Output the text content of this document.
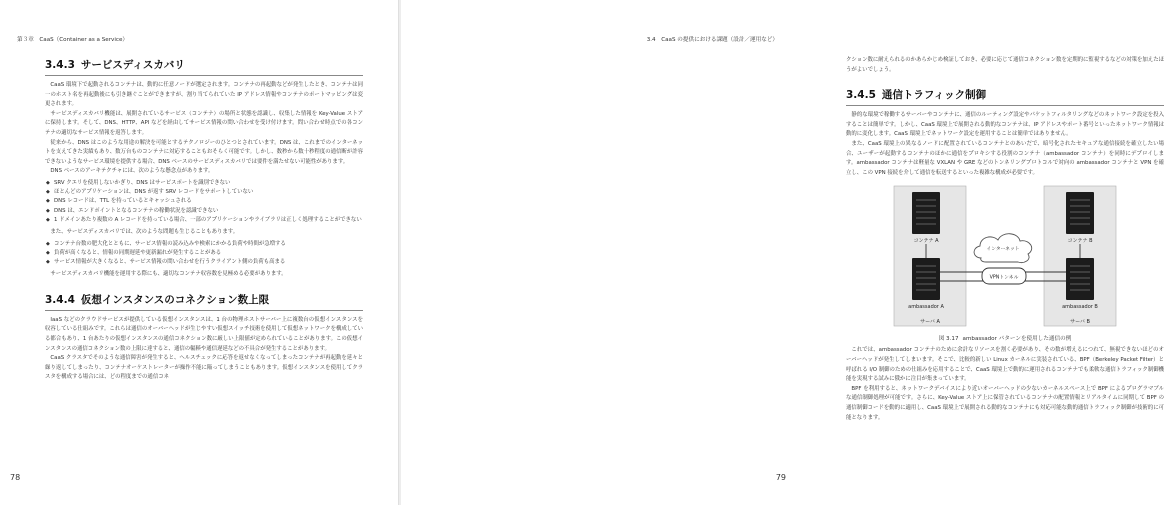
第３章　CaaS（Container as a Service）
3.4.3 サービスディスカバリ

CaaS 環境下で起動されるコンテナは、動的に任意ノードが選定されます。コンテナの再起動などが発生したとき、コンテナは同一のホスト名を再起動後にも引き継ぐことができますが、割り当てられていた IP アドレス情報やコンテナのポートマッピングは変更されます。

サービスディスカバリ機能は、展開されているサービス（コンテナ）の場所と状態を認識し、収集した情報を Key-Value ストアに保持します。そして、DNS、HTTP、API などを経由してサービス情報の問い合わせを受け付けます。問い合わせ時点での各コンテナの適切なサービス情報を返答します。

従来から、DNS はこのような用途の解決を可能とするテクノロジーのひとつとされています。DNS は、これまでのインターネットを支えてきた実績もあり、数万台ものコンテナに対応することもおそらく可能です。しかし、数秒から数十秒程度の通信断が許容できないようなサービス環境を提供する場合、DNS ベースのサービスディスカバリでは要件を満たせない可能性があります。

DNS ベースのアーキテクチャには、次のような懸念点があります。

◆ SRV クエリを使用しないかぎり、DNS はサービスポートを識別できない
◆ ほとんどのアプリケーションは、DNS が返す SRV レコードをサポートしていない
◆ DNS レコードは、TTL を持っているとキャッシュされる
◆ DNS は、エンドポイントとなるコンテナの稼働状況を認識できない
◆ 1 ドメインあたり複数の A レコードを持っている場合、一部のアプリケーションやライブラリは正しく処理することができない

また、サービスディスカバリでは、次のような問題も生じることもあります。

◆ コンテナ台数の肥大化とともに、サービス情報の読み込みや検索にかかる負荷や時間が急増する
◆ 負荷が高くなると、情報の同期遅延や更新漏れが発生することがある
◆ サービス情報が大きくなると、サービス情報の問い合わせを行うクライアント側の負荷も高まる

サービスディスカバリ機能を運用する際にも、適切なコンテナ収容数を見極める必要があります。

3.4.4 仮想インスタンスのコネクション数上限

IaaS などのクラウドサービスが提供している仮想インスタンスは、1 台の物理ホストサーバー上に複数台の仮想インスタンスを収容している仕組みです。これらは通信のオーバーヘッドが生じやすい仮想スイッチ技術を使用して仮想ネットワークを構成している都合もあり、1 台あたりの仮想インスタンスの通信コネクション数に厳しい上限値が定められていることがあります。この仮想インスタンスの通信コネクション数の上限に達すると、通信の輻輳や通信遅延などの不具合が発生することがあります。

CaaS クラスタでそのような通信障害が発生すると、ヘルスチェックに応答を返せなくなってしまったコンテナが再起動を延々と繰り返してしまったり、コンテナオーケストレーターが操作不能に陥ってしまうこともあります。仮想インスタンスを使用してクラスタを構成する場合には、どの程度までの通信コネ

78
3.4　CaaS の提供における課題（設計／運用など）

クション数に耐えられるのかあらかじめ検証しておき、必要に応じて通信コネクション数を定期的に監視するなどの対策を加えたほうがよいでしょう。

3.4.5 通信トラフィック制御

静的な環境で稼働するサーバーやコンテナに、通信のルーティング設定やパケットフィルタリングなどのネットワーク設定を投入することは簡単です。しかし、CaaS 環境上で展開される動的なコンテナは、IP アドレスやポート番号といったネットワーク情報は動的に変化します。CaaS 環境上でネットワーク設定を運用することは簡単ではありません。

また、CaaS 環境上の異なるノードに配置されているコンテナとのあいだで、暗号化されたセキュアな通信接続を確立したい場合、ユーザーが起動するコンテナのほかに通信をプロキシする役割のコンテナ（ambassador コンテナ）を同時にデプロイします。ambassador コンテナは軽量な VXLAN や GRE などのトンネリングプロトコルで対向の ambassador コンテナと VPN を確立し、この VPN 接続を介して通信を転送するといった複雑な構成が必要です。

コンテナ A
ambassador A
サーバ A
コンテナ B
ambassador B
サーバ B
インターネット
VPNトンネル
図 3.17 ambassador パターンを使用した通信の例

これでは、ambassador コンテナのために余計なリソースを割く必要があり、その数が増えるにつれて、無視できないほどのオーバーヘッドが発生してしまいます。そこで、比較的新しい Linux カーネルに実装されている、BPF（Berkeley Packet Filter）と呼ばれる I/O 制御のための仕組みを応用することで、CaaS 環境上で動的に運用されるコンテナでも柔軟な通信トラフィック制御機能を実現する試みに俄かに注目が集まっています。

BPF を利用すると、ネットワークデバイスにより近いオーバーヘッドの少ないカーネルスペース上で BPF によるプログラマブルな通信制御処理が可能です。さらに、Key-Value ストア上に保管されているコンテナの配置情報とリアルタイムに同期して BPF の通信制御コードを動的に適用し、CaaS 環境上で展開される動的なコンテナにも対応可能な動的通信トラフィック制御が技術的に可能となります。

79
